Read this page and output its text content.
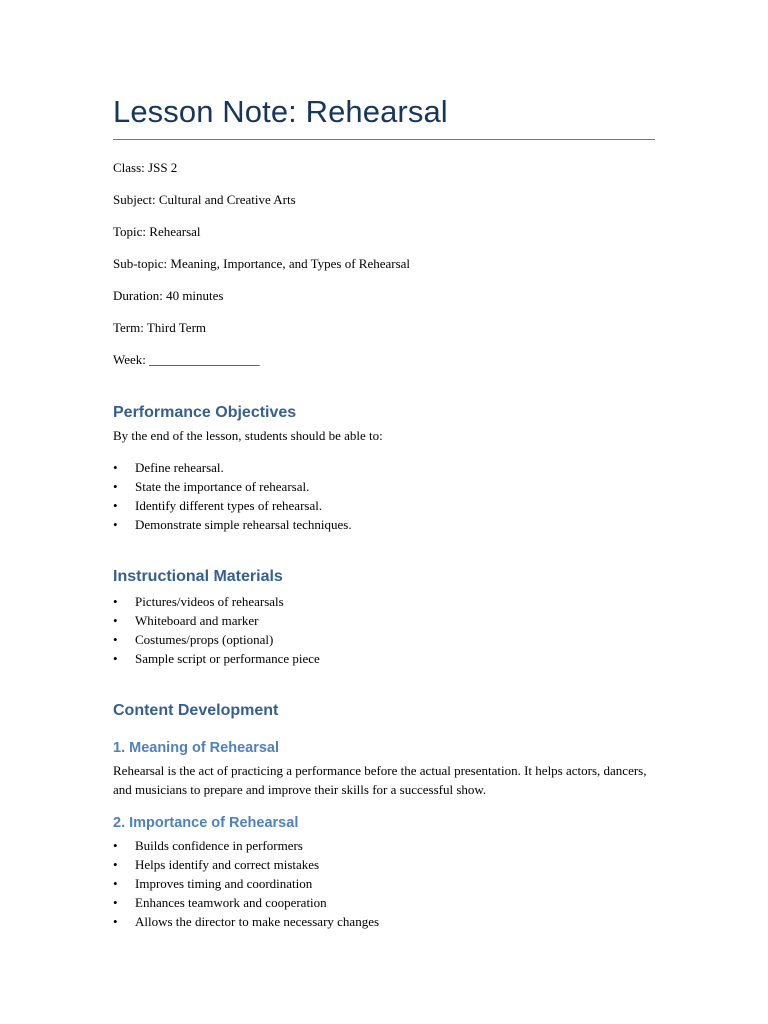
Lesson Note: Rehearsal
Class: JSS 2
Subject: Cultural and Creative Arts
Topic: Rehearsal
Sub-topic: Meaning, Importance, and Types of Rehearsal
Duration: 40 minutes
Term: Third Term
Week: _________________
Performance Objectives
By the end of the lesson, students should be able to:
• Define rehearsal.
• State the importance of rehearsal.
• Identify different types of rehearsal.
• Demonstrate simple rehearsal techniques.
Instructional Materials
• Pictures/videos of rehearsals
• Whiteboard and marker
• Costumes/props (optional)
• Sample script or performance piece
Content Development
1. Meaning of Rehearsal
Rehearsal is the act of practicing a performance before the actual presentation. It helps actors, dancers, and musicians to prepare and improve their skills for a successful show.
2. Importance of Rehearsal
• Builds confidence in performers
• Helps identify and correct mistakes
• Improves timing and coordination
• Enhances teamwork and cooperation
• Allows the director to make necessary changes
